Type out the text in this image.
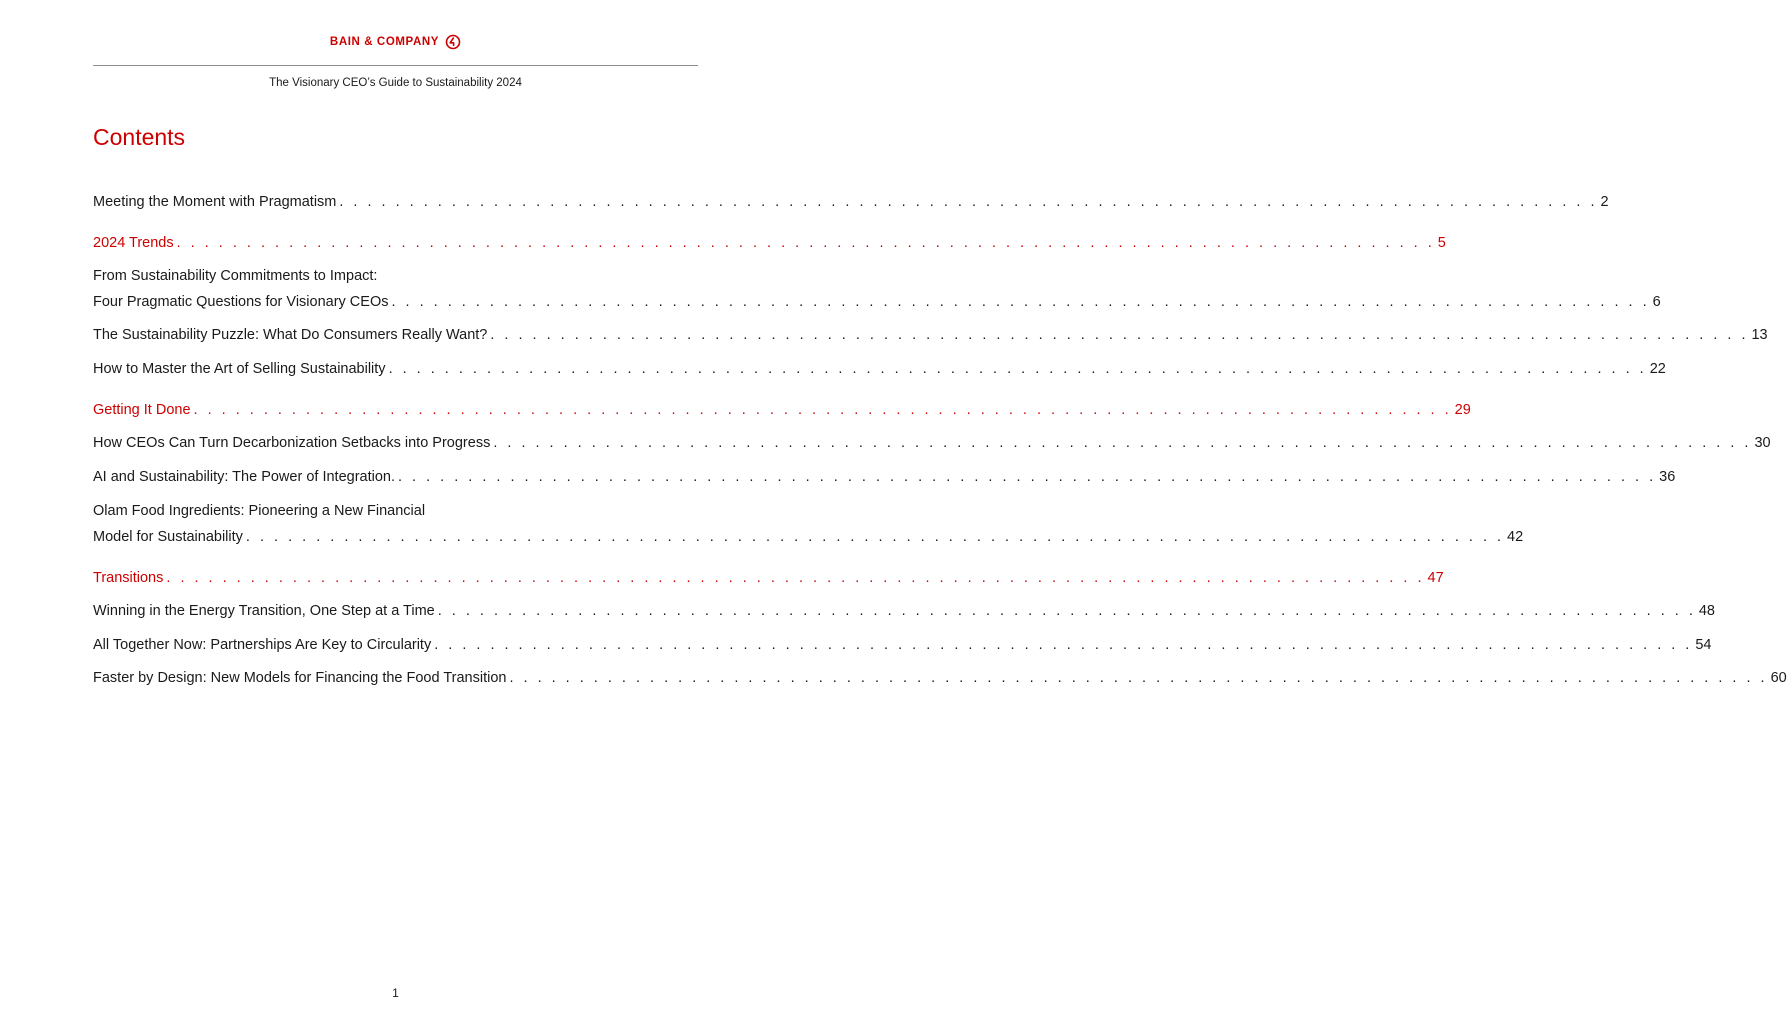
BAIN & COMPANY
The Visionary CEO’s Guide to Sustainability 2024
Contents
Meeting the Moment with Pragmatism . . . . . . . . . . . . . . . . . . . . . . . . . . . . . . . . . . . . . . . . . . . . . . . . . . . . . . . . . . . . . . . . . . . . . . . . . . . . . . . . . . . . . . . . . . 2
2024 Trends . . . . . . . . . . . . . . . . . . . . . . . . . . . . . . . . . . . . . . . . . . . . . . . . . . . . . . . . . . . . . . . . . . . . . . . . . . . . . . . . . . . . . . . . . . 5
From Sustainability Commitments to Impact:
Four Pragmatic Questions for Visionary CEOs . . . . . . . . . . . . . . . . . . . . . . . . . . . . . . . . . . . . . . . . . . . . . . . . . . . . . . . . . . . . . . . . . . . . . . . . . . . . . . . . . . . . . . . . . . 6
The Sustainability Puzzle: What Do Consumers Really Want? . . . . . . . . . . . . . . . . . . . . . . . . . . . . . . . . . . . . . . . . . . . . . . . . . . . . . . . . . . . . . . . . . . . . . . . . . . . . . . . . . . . . . . . . . . 13
How to Master the Art of Selling Sustainability . . . . . . . . . . . . . . . . . . . . . . . . . . . . . . . . . . . . . . . . . . . . . . . . . . . . . . . . . . . . . . . . . . . . . . . . . . . . . . . . . . . . . . . . . . 22
Getting It Done . . . . . . . . . . . . . . . . . . . . . . . . . . . . . . . . . . . . . . . . . . . . . . . . . . . . . . . . . . . . . . . . . . . . . . . . . . . . . . . . . . . . . . . . . . 29
How CEOs Can Turn Decarbonization Setbacks into Progress . . . . . . . . . . . . . . . . . . . . . . . . . . . . . . . . . . . . . . . . . . . . . . . . . . . . . . . . . . . . . . . . . . . . . . . . . . . . . . . . . . . . . . . . . . 30
AI and Sustainability: The Power of Integration. . . . . . . . . . . . . . . . . . . . . . . . . . . . . . . . . . . . . . . . . . . . . . . . . . . . . . . . . . . . . . . . . . . . . . . . . . . . . . . . . . . . . . . . . . . 36
Olam Food Ingredients: Pioneering a New Financial
Model for Sustainability . . . . . . . . . . . . . . . . . . . . . . . . . . . . . . . . . . . . . . . . . . . . . . . . . . . . . . . . . . . . . . . . . . . . . . . . . . . . . . . . . . . . . . . . . . 42
Transitions . . . . . . . . . . . . . . . . . . . . . . . . . . . . . . . . . . . . . . . . . . . . . . . . . . . . . . . . . . . . . . . . . . . . . . . . . . . . . . . . . . . . . . . . . . 47
Winning in the Energy Transition, One Step at a Time . . . . . . . . . . . . . . . . . . . . . . . . . . . . . . . . . . . . . . . . . . . . . . . . . . . . . . . . . . . . . . . . . . . . . . . . . . . . . . . . . . . . . . . . . . 48
All Together Now: Partnerships Are Key to Circularity . . . . . . . . . . . . . . . . . . . . . . . . . . . . . . . . . . . . . . . . . . . . . . . . . . . . . . . . . . . . . . . . . . . . . . . . . . . . . . . . . . . . . . . . . . 54
Faster by Design: New Models for Financing the Food Transition . . . . . . . . . . . . . . . . . . . . . . . . . . . . . . . . . . . . . . . . . . . . . . . . . . . . . . . . . . . . . . . . . . . . . . . . . . . . . . . . . . . . . . . . . . 60
1
